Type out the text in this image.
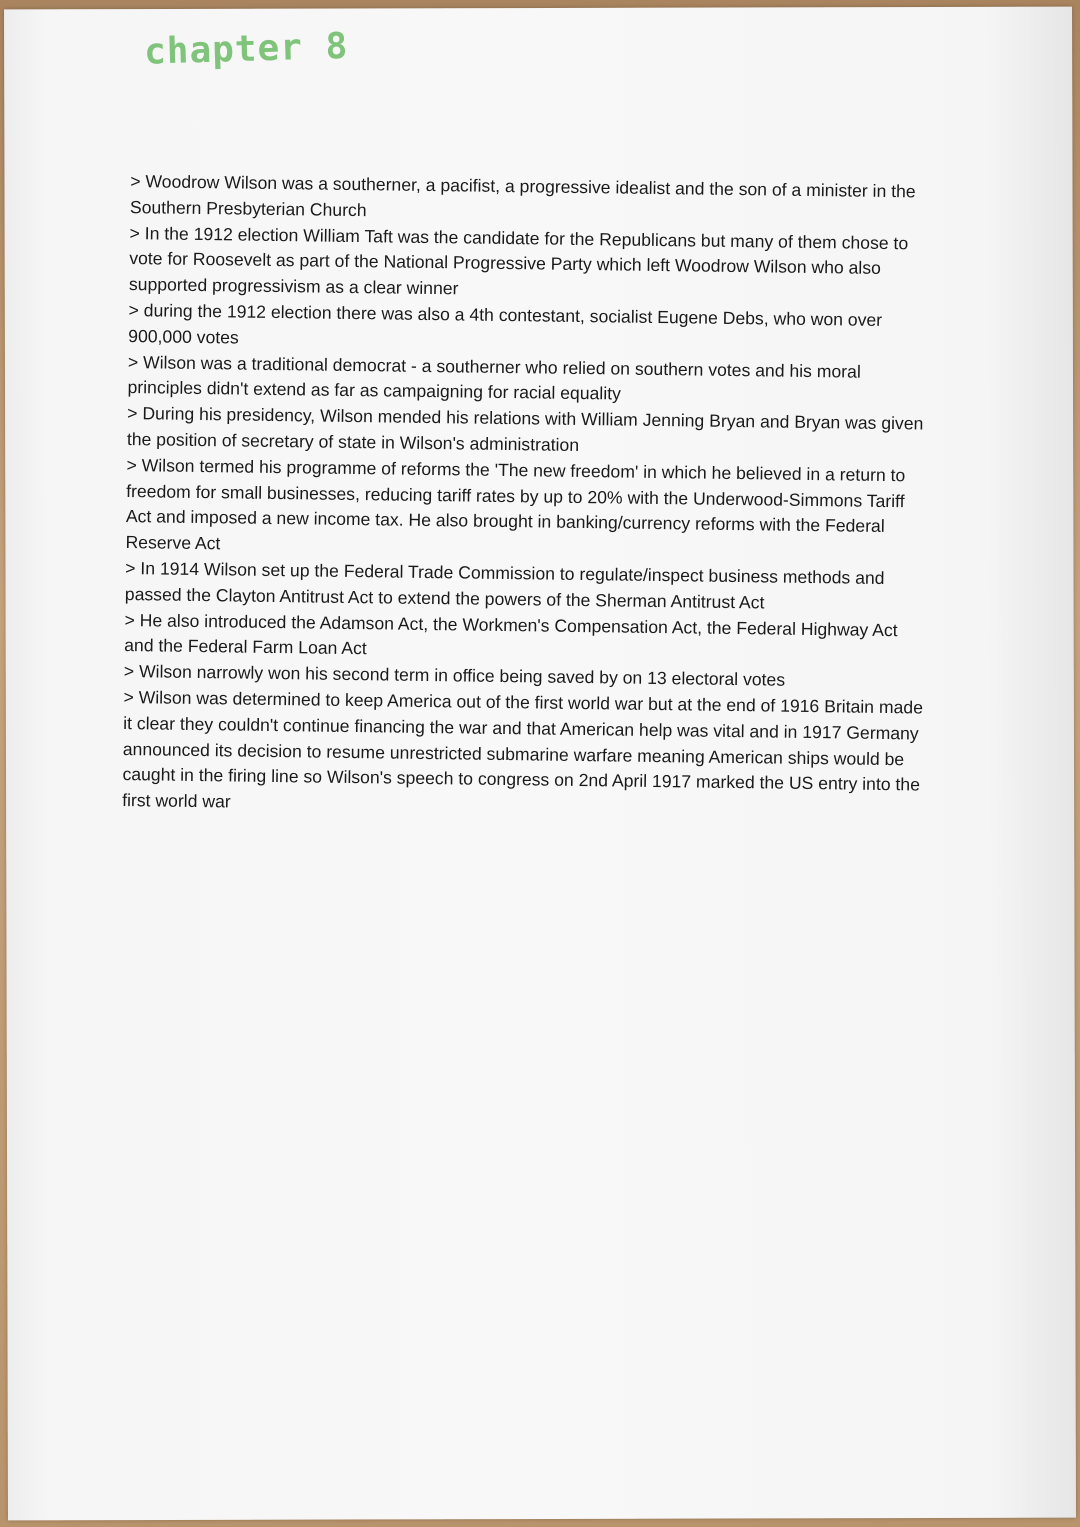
chapter 8

> Woodrow Wilson was a southerner, a pacifist, a progressive idealist and the son of a minister in the Southern Presbyterian Church

> In the 1912 election William Taft was the candidate for the Republicans but many of them chose to vote for Roosevelt as part of the National Progressive Party which left Woodrow Wilson who also supported progressivism as a clear winner

> during the 1912 election there was also a 4th contestant, socialist Eugene Debs, who won over 900,000 votes

> Wilson was a traditional democrat - a southerner who relied on southern votes and his moral principles didn't extend as far as campaigning for racial equality

> During his presidency, Wilson mended his relations with William Jenning Bryan and Bryan was given the position of secretary of state in Wilson's administration

> Wilson termed his programme of reforms the 'The new freedom' in which he believed in a return to freedom for small businesses, reducing tariff rates by up to 20% with the Underwood-Simmons Tariff Act and imposed a new income tax. He also brought in banking/currency reforms with the Federal Reserve Act

> In 1914 Wilson set up the Federal Trade Commission to regulate/inspect business methods and passed the Clayton Antitrust Act to extend the powers of the Sherman Antitrust Act

> He also introduced the Adamson Act, the Workmen's Compensation Act, the Federal Highway Act and the Federal Farm Loan Act

> Wilson narrowly won his second term in office being saved by on 13 electoral votes

> Wilson was determined to keep America out of the first world war but at the end of 1916 Britain made it clear they couldn't continue financing the war and that American help was vital and in 1917 Germany announced its decision to resume unrestricted submarine warfare meaning American ships would be caught in the firing line so Wilson's speech to congress on 2nd April 1917 marked the US entry into the first world war
